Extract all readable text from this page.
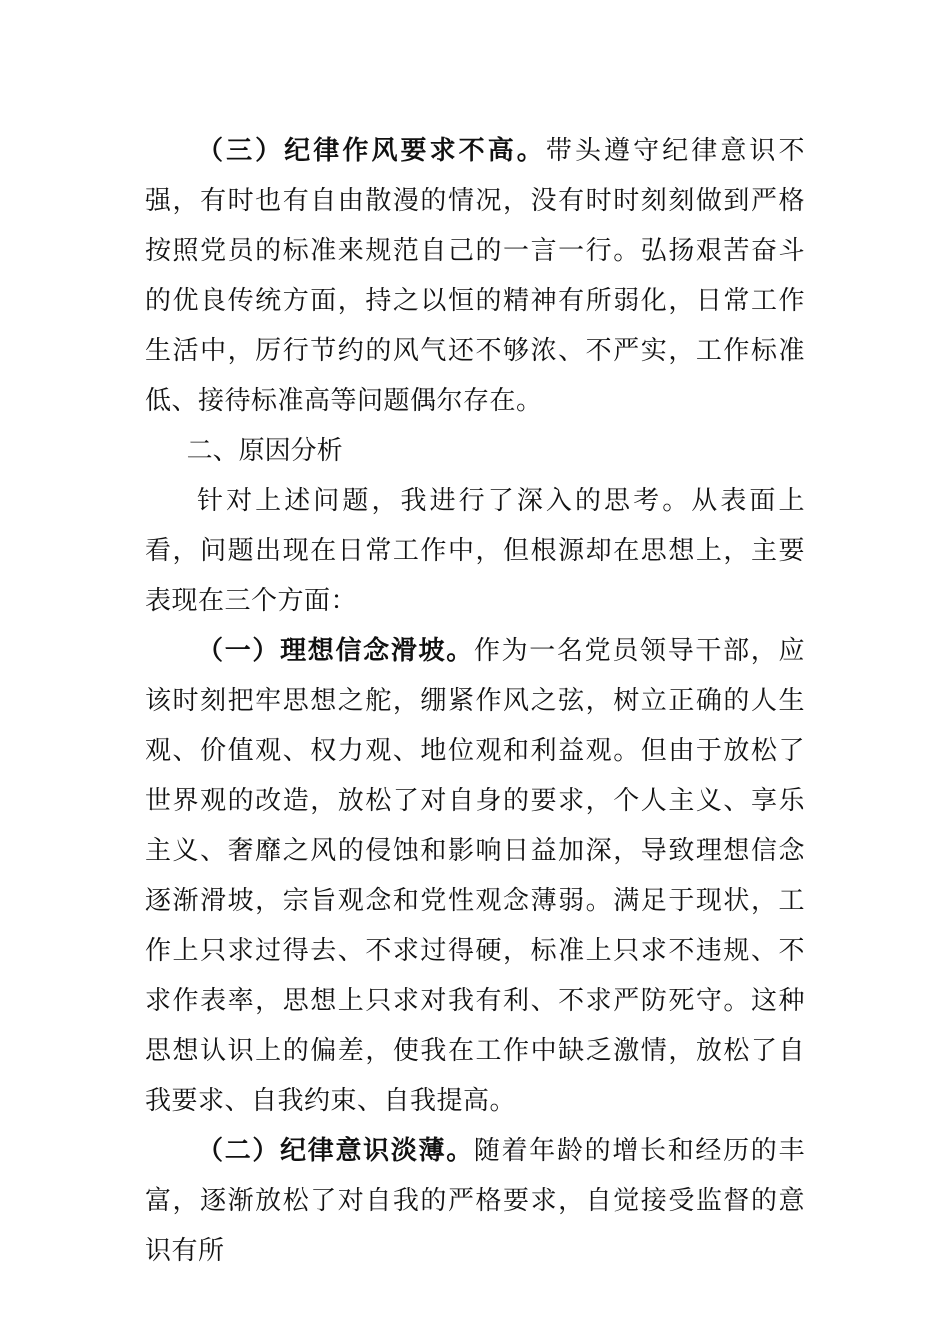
（三）纪律作风要求不高。带头遵守纪律意识不强，有时也有自由散漫的情况，没有时时刻刻做到严格按照党员的标准来规范自己的一言一行。弘扬艰苦奋斗的优良传统方面，持之以恒的精神有所弱化，日常工作生活中，厉行节约的风气还不够浓、不严实，工作标准低、接待标准高等问题偶尔存在。

二、原因分析

针对上述问题，我进行了深入的思考。从表面上看，问题出现在日常工作中，但根源却在思想上，主要表现在三个方面：

（一）理想信念滑坡。作为一名党员领导干部，应该时刻把牢思想之舵，绷紧作风之弦，树立正确的人生观、价值观、权力观、地位观和利益观。但由于放松了世界观的改造，放松了对自身的要求，个人主义、享乐主义、奢靡之风的侵蚀和影响日益加深，导致理想信念逐渐滑坡，宗旨观念和党性观念薄弱。满足于现状，工作上只求过得去、不求过得硬，标准上只求不违规、不求作表率，思想上只求对我有利、不求严防死守。这种思想认识上的偏差，使我在工作中缺乏激情，放松了自我要求、自我约束、自我提高。

（二）纪律意识淡薄。随着年龄的增长和经历的丰富，逐渐放松了对自我的严格要求，自觉接受监督的意识有所
